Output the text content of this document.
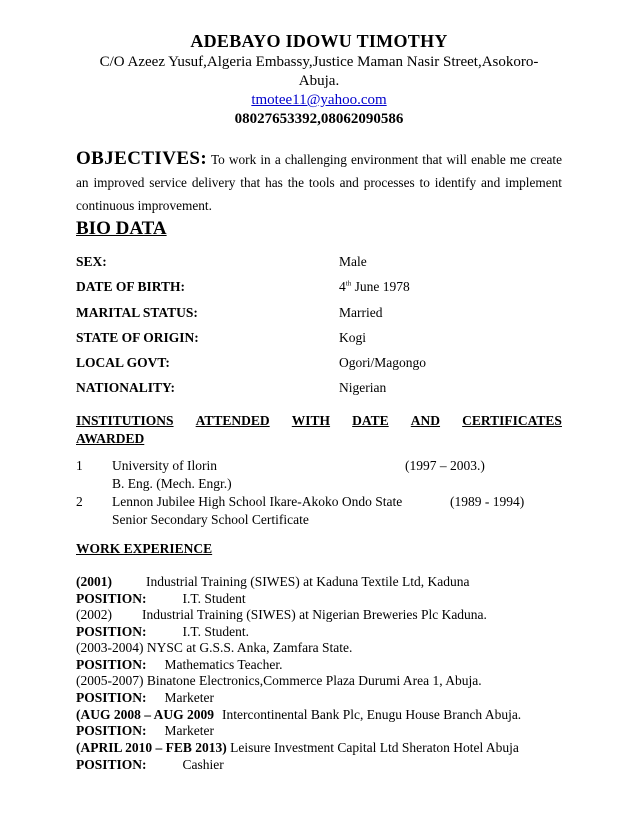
ADEBAYO IDOWU TIMOTHY
C/O Azeez Yusuf,Algeria Embassy,Justice Maman Nasir Street,Asokoro-
Abuja.
tmotee11@yahoo.com
08027653392,08062090586
OBJECTIVES: To work in a challenging environment that will enable me create an improved service delivery that has the tools and processes to identify and implement continuous improvement.
BIO DATA
SEX:	Male
DATE OF BIRTH:	4th June 1978
MARITAL STATUS:	Married
STATE OF ORIGIN:	Kogi
LOCAL GOVT:	Ogori/Magongo
NATIONALITY:	Nigerian
INSTITUTIONS ATTENDED WITH DATE AND CERTIFICATES
AWARDED
1 University of Ilorin	(1997 – 2003.)
B. Eng. (Mech. Engr.)
2 Lennon Jubilee High School Ikare-Akoko Ondo State	(1989 - 1994)
Senior Secondary School Certificate
WORK EXPERIENCE
(2001)	Industrial Training (SIWES) at Kaduna Textile Ltd, Kaduna
POSITION:	I.T. Student
(2002) Industrial Training (SIWES) at Nigerian Breweries Plc Kaduna.
POSITION:	I.T. Student.
(2003-2004) NYSC at G.S.S. Anka, Zamfara State.
POSITION: Mathematics Teacher.
(2005-2007) Binatone Electronics,Commerce Plaza Durumi Area 1, Abuja.
POSITION: Marketer
(AUG 2008 – AUG 2009 Intercontinental Bank Plc, Enugu House Branch Abuja.
POSITION: Marketer
(APRIL 2010 – FEB 2013) Leisure Investment Capital Ltd Sheraton Hotel Abuja
POSITION:	Cashier
